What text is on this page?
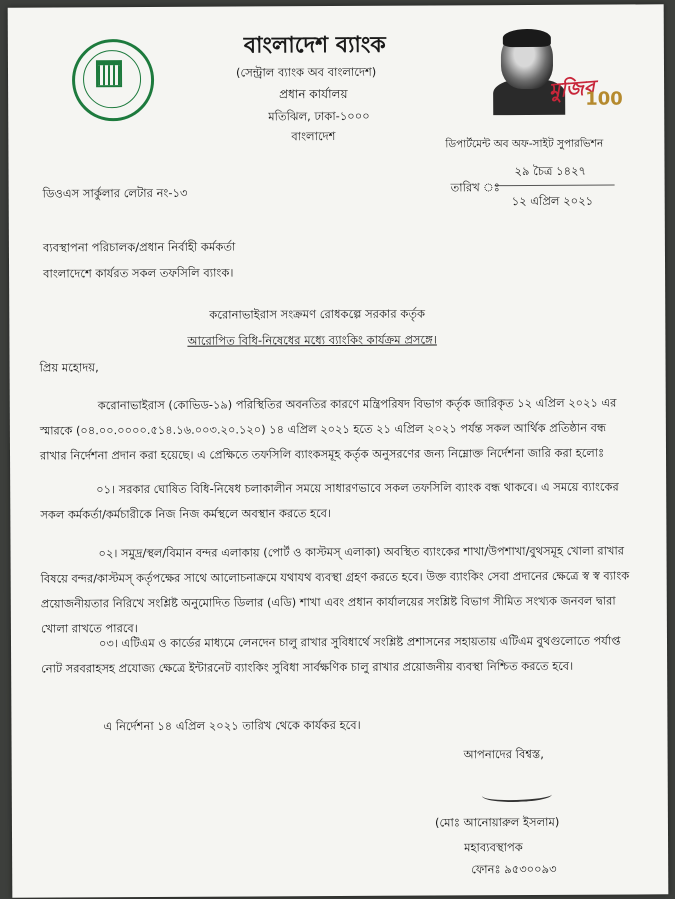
বাংলাদেশ ব্যাংক
(সেন্ট্রাল ব্যাংক অব বাংলাদেশ)
প্রধান কার্যালয়
মতিঝিল, ঢাকা-১০০০
বাংলাদেশ
মুজিব
100
ডিপার্টমেন্ট অব অফ-সাইট সুপারভিশন
২৯ চৈত্র ১৪২৭
ডিওএস সার্কুলার লেটার নং-১৩	তারিখ ঃ
১২ এপ্রিল ২০২১
ব্যবস্থাপনা পরিচালক/প্রধান নির্বাহী কর্মকর্তা
বাংলাদেশে কার্যরত সকল তফসিলি ব্যাংক।
করোনাভাইরাস সংক্রমণ রোধকল্পে সরকার কর্তৃক
আরোপিত বিধি-নিষেধের মধ্যে ব্যাংকিং কার্যক্রম প্রসঙ্গে।
প্রিয় মহোদয়,

করোনাভাইরাস (কোভিড-১৯) পরিস্থিতির অবনতির কারণে মন্ত্রিপরিষদ বিভাগ কর্তৃক জারিকৃত ১২ এপ্রিল ২০২১ এর স্মারকে (০৪.০০.০০০০.৫১৪.১৬.০০৩.২০.১২০) ১৪ এপ্রিল ২০২১ হতে ২১ এপ্রিল ২০২১ পর্যন্ত সকল আর্থিক প্রতিষ্ঠান বন্ধ রাখার নির্দেশনা প্রদান করা হয়েছে। এ প্রেক্ষিতে তফসিলি ব্যাংকসমূহ কর্তৃক অনুসরণের জন্য নিম্নোক্ত নির্দেশনা জারি করা হলোঃ

০১। সরকার ঘোষিত বিধি-নিষেধ চলাকালীন সময়ে সাধারণভাবে সকল তফসিলি ব্যাংক বন্ধ থাকবে। এ সময়ে ব্যাংকের সকল কর্মকর্তা/কর্মচারীকে নিজ নিজ কর্মস্থলে অবস্থান করতে হবে।

০২। সমুদ্র/স্থল/বিমান বন্দর এলাকায় (পোর্ট ও কাস্টমস্ এলাকা) অবস্থিত ব্যাংকের শাখা/উপশাখা/বুথসমূহ খোলা রাখার বিষয়ে বন্দর/কাস্টমস্ কর্তৃপক্ষের সাথে আলোচনাক্রমে যথাযথ ব্যবস্থা গ্রহণ করতে হবে। উক্ত ব্যাংকিং সেবা প্রদানের ক্ষেত্রে স্ব স্ব ব্যাংক প্রয়োজনীয়তার নিরিখে সংশ্লিষ্ট অনুমোদিত ডিলার (এডি) শাখা এবং প্রধান কার্যালয়ের সংশ্লিষ্ট বিভাগ সীমিত সংখ্যক জনবল দ্বারা খোলা রাখতে পারবে।

০৩। এটিএম ও কার্ডের মাধ্যমে লেনদেন চালু রাখার সুবিধার্থে সংশ্লিষ্ট প্রশাসনের সহায়তায় এটিএম বুথগুলোতে পর্যাপ্ত নোট সরবরাহসহ প্রযোজ্য ক্ষেত্রে ইন্টারনেট ব্যাংকিং সুবিধা সার্বক্ষণিক চালু রাখার প্রয়োজনীয় ব্যবস্থা নিশ্চিত করতে হবে।

এ নির্দেশনা ১৪ এপ্রিল ২০২১ তারিখ থেকে কার্যকর হবে।
আপনাদের বিশ্বস্ত,
(মোঃ আনোয়ারুল ইসলাম)
মহাব্যবস্থাপক
ফোনঃ ৯৫৩০০৯৩
